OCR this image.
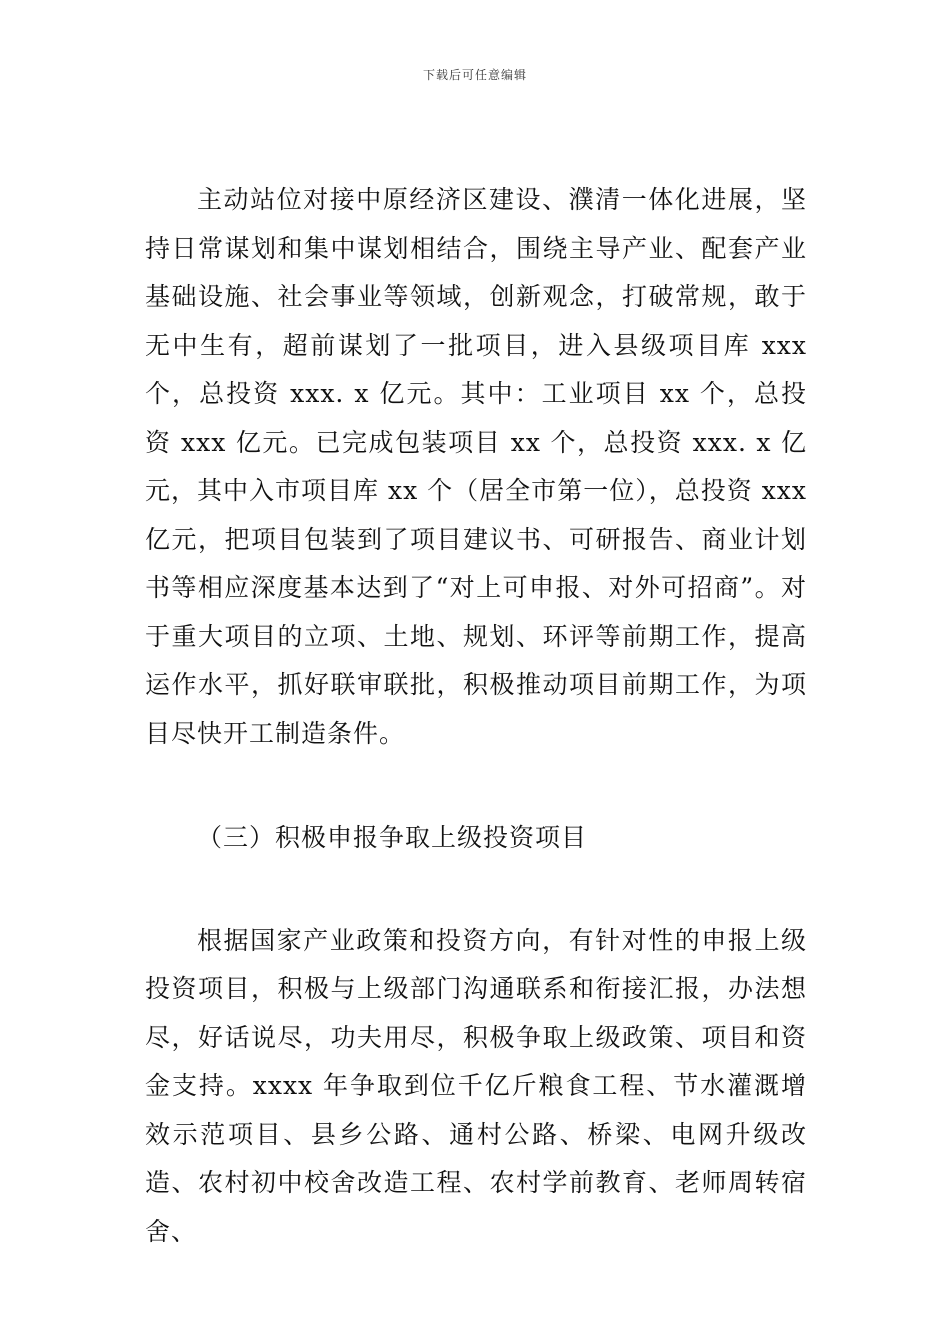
下载后可任意编辑

主动站位对接中原经济区建设、濮清一体化进展，坚持日常谋划和集中谋划相结合，围绕主导产业、配套产业基础设施、社会事业等领域，创新观念，打破常规，敢于无中生有，超前谋划了一批项目，进入县级项目库 xxx 个，总投资 xxx. x 亿元。其中：工业项目 xx 个，总投资 xxx 亿元。已完成包装项目 xx 个，总投资 xxx. x 亿元，其中入市项目库 xx 个（居全市第一位），总投资 xxx 亿元，把项目包装到了项目建议书、可研报告、商业计划书等相应深度基本达到了“对上可申报、对外可招商”。对于重大项目的立项、土地、规划、环评等前期工作，提高运作水平，抓好联审联批，积极推动项目前期工作，为项目尽快开工制造条件。

（三）积极申报争取上级投资项目

根据国家产业政策和投资方向，有针对性的申报上级投资项目，积极与上级部门沟通联系和衔接汇报，办法想尽，好话说尽，功夫用尽，积极争取上级政策、项目和资金支持。xxxx 年争取到位千亿斤粮食工程、节水灌溉增效示范项目、县乡公路、通村公路、桥梁、电网升级改造、农村初中校舍改造工程、农村学前教育、老师周转宿舍、
